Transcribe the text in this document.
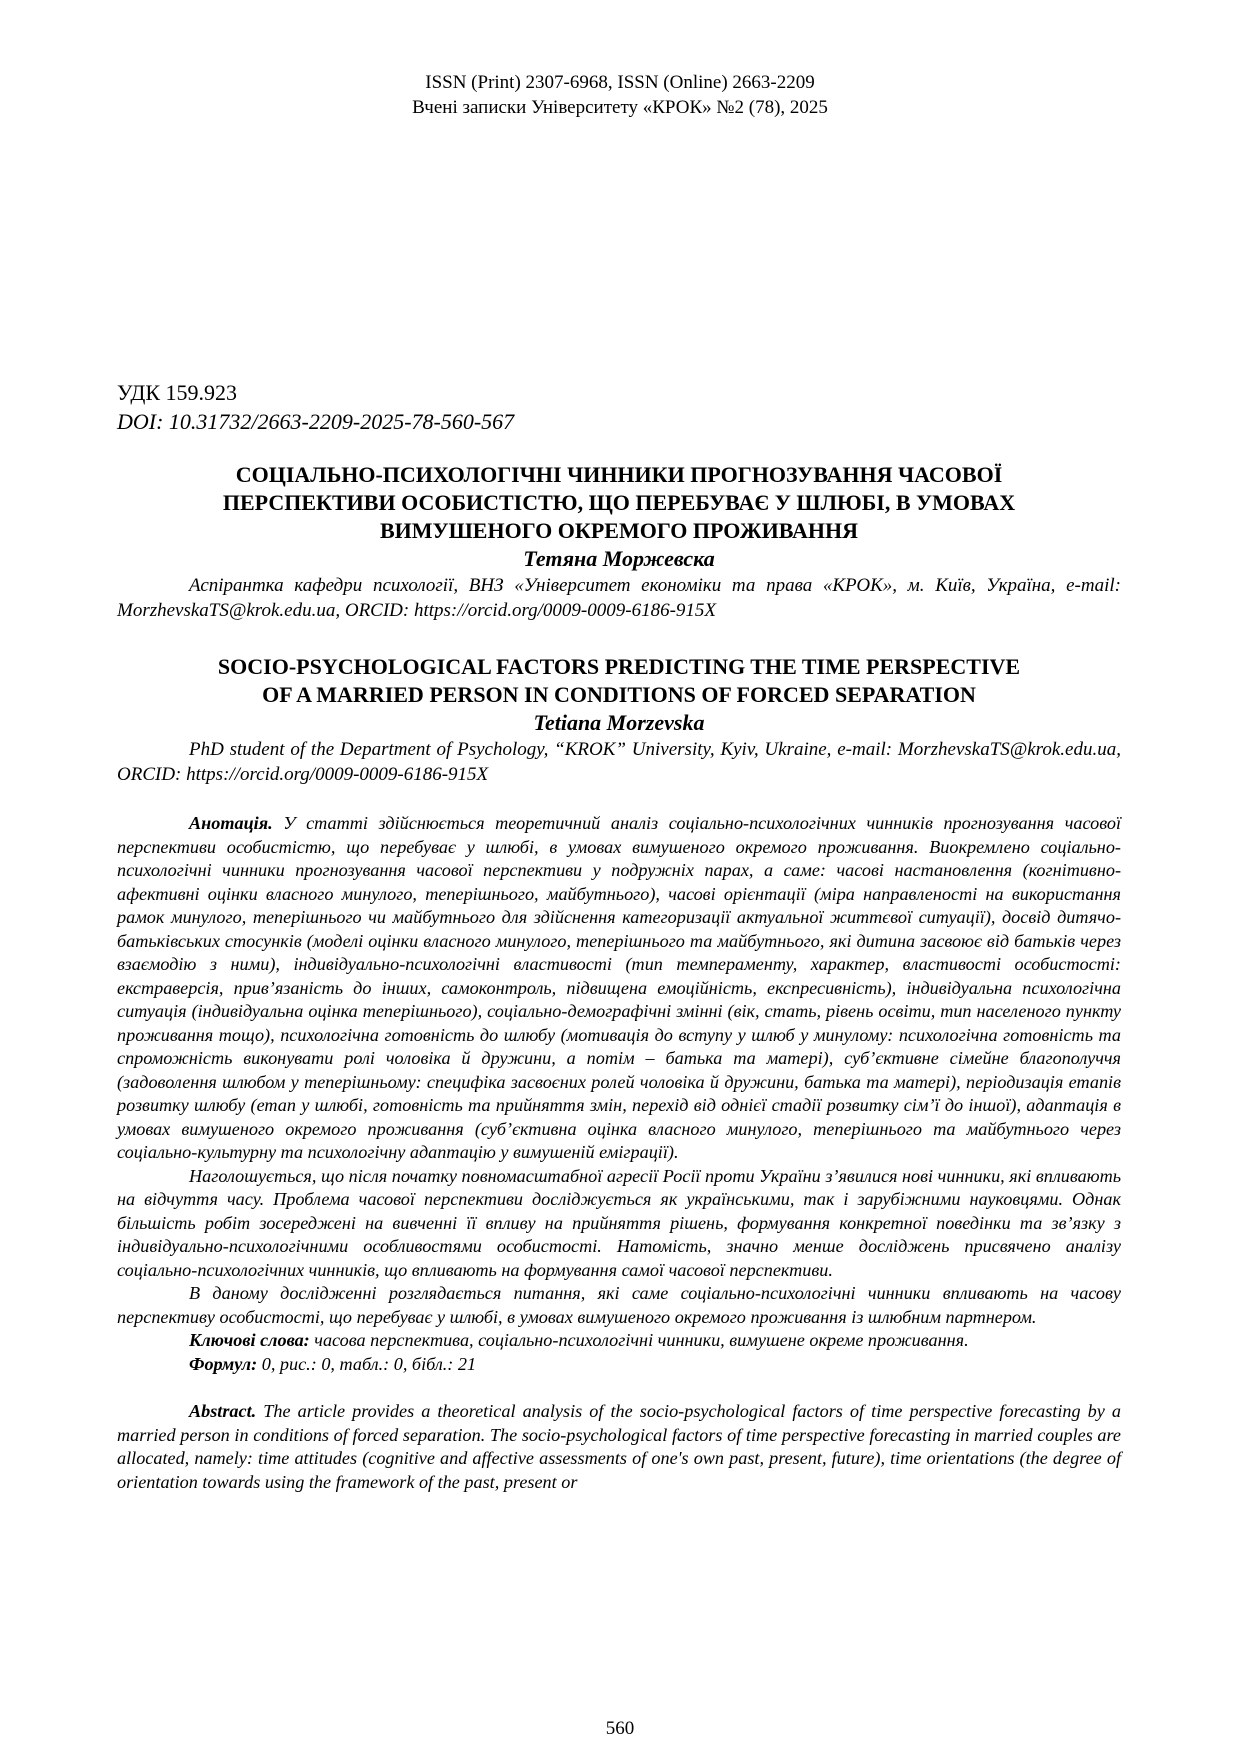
ISSN (Print) 2307-6968, ISSN (Online) 2663-2209
Вчені записки Університету «КРОК» №2 (78), 2025
УДК 159.923
DOI: 10.31732/2663-2209-2025-78-560-567
СОЦІАЛЬНО-ПСИХОЛОГІЧНІ ЧИННИКИ ПРОГНОЗУВАННЯ ЧАСОВОЇ
ПЕРСПЕКТИВИ ОСОБИСТІСТЮ, ЩО ПЕРЕБУВАЄ У ШЛЮБІ, В УМОВАХ
ВИМУШЕНОГО ОКРЕМОГО ПРОЖИВАННЯ
Тетяна Моржевска
Аспірантка кафедри психології, ВНЗ «Університет економіки та права «КРОК», м. Київ, Україна, e-mail: MorzhevskaTS@krok.edu.ua, ORCID: https://orcid.org/0009-0009-6186-915X
SOCIO-PSYCHOLOGICAL FACTORS PREDICTING THE TIME PERSPECTIVE
OF A MARRIED PERSON IN CONDITIONS OF FORCED SEPARATION
Tetiana Morzevska
PhD student of the Department of Psychology, “KROK” University, Kyiv, Ukraine, e-mail: MorzhevskaTS@krok.edu.ua, ORCID: https://orcid.org/0009-0009-6186-915X

Анотація. У статті здійснюється теоретичний аналіз соціально-психологічних чинників прогнозування часової перспективи особистістю, що перебуває у шлюбі, в умовах вимушеного окремого проживання. Виокремлено соціально-психологічні чинники прогнозування часової перспективи у подружніх парах, а саме: часові настановлення (когнітивно-афективні оцінки власного минулого, теперішнього, майбутнього), часові орієнтації (міра направленості на використання рамок минулого, теперішнього чи майбутнього для здійснення категоризації актуальної життєвої ситуації), досвід дитячо-батьківських стосунків (моделі оцінки власного минулого, теперішнього та майбутнього, які дитина засвоює від батьків через взаємодію з ними), індивідуально-психологічні властивості (тип темпераменту, характер, властивості особистості: екстраверсія, прив’язаність до інших, самоконтроль, підвищена емоційність, експресивність), індивідуальна психологічна ситуація (індивідуальна оцінка теперішнього), соціально-демографічні змінні (вік, стать, рівень освіти, тип населеного пункту проживання тощо), психологічна готовність до шлюбу (мотивація до вступу у шлюб у минулому: психологічна готовність та спроможність виконувати ролі чоловіка й дружини, а потім – батька та матері), суб’єктивне сімейне благополуччя (задоволення шлюбом у теперішньому: специфіка засвоєних ролей чоловіка й дружини, батька та матері), періодизація етапів розвитку шлюбу (етап у шлюбі, готовність та прийняття змін, перехід від однієї стадії розвитку сім’ї до іншої), адаптація в умовах вимушеного окремого проживання (суб’єктивна оцінка власного минулого, теперішнього та майбутнього через соціально-культурну та психологічну адаптацію у вимушеній еміграції).

Наголошується, що після початку повномасштабної агресії Росії проти України з’явилися нові чинники, які впливають на відчуття часу. Проблема часової перспективи досліджується як українськими, так і зарубіжними науковцями. Однак більшість робіт зосереджені на вивченні її впливу на прийняття рішень, формування конкретної поведінки та зв’язку з індивідуально-психологічними особливостями особистості. Натомість, значно менше досліджень присвячено аналізу соціально-психологічних чинників, що впливають на формування самої часової перспективи.

В даному дослідженні розглядається питання, які саме соціально-психологічні чинники впливають на часову перспективу особистості, що перебуває у шлюбі, в умовах вимушеного окремого проживання із шлюбним партнером.

Ключові слова: часова перспектива, соціально-психологічні чинники, вимушене окреме проживання.

Формул: 0, рис.: 0, табл.: 0, бібл.: 21

Abstract. The article provides a theoretical analysis of the socio-psychological factors of time perspective forecasting by a married person in conditions of forced separation. The socio-psychological factors of time perspective forecasting in married couples are allocated, namely: time attitudes (cognitive and affective assessments of one's own past, present, future), time orientations (the degree of orientation towards using the framework of the past, present or

560
